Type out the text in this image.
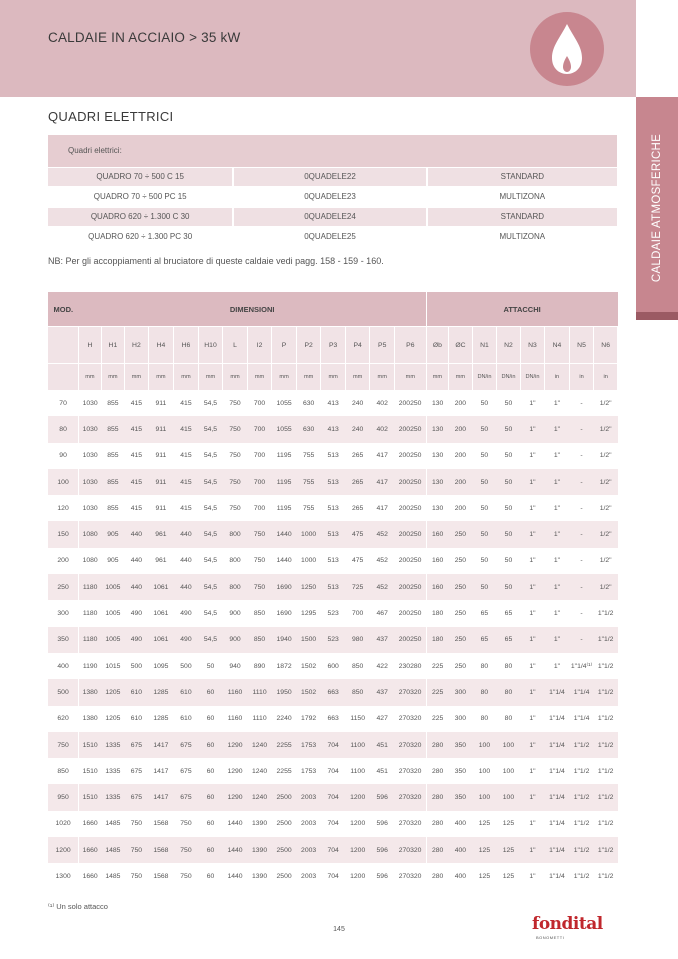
CALDAIE IN ACCIAIO > 35 kW
CALDAIE ATMOSFERICHE
QUADRI ELETTRICI
Quadri elettrici:
QUADRO 70 ÷ 500 C 15	0QUADELE22	STANDARD
QUADRO 70 ÷ 500 PC 15	0QUADELE23	MULTIZONA
QUADRO 620 ÷ 1.300 C 30	0QUADELE24	STANDARD
QUADRO 620 ÷ 1.300 PC 30	0QUADELE25	MULTIZONA
NB: Per gli accoppiamenti al bruciatore di queste caldaie vedi pagg. 158 - 159 - 160.
MOD.	DIMENSIONI														ATTACCHI							
	H	H1	H2	H4	H6	H10	L	I2	P	P2	P3	P4	P5	P6	Øb	ØC	N1	N2	N3	N4	N5	N6
	mm	mm	mm	mm	mm	mm	mm	mm	mm	mm	mm	mm	mm	mm	mm	mm	DN/in	DN/in	DN/in	in	in	in
70	1030	855	415	911	415	54,5	750	700	1055	630	413	240	402	200250	130	200	50	50	1"	1"	-	1/2"
80	1030	855	415	911	415	54,5	750	700	1055	630	413	240	402	200250	130	200	50	50	1"	1"	-	1/2"
90	1030	855	415	911	415	54,5	750	700	1195	755	513	265	417	200250	130	200	50	50	1"	1"	-	1/2"
100	1030	855	415	911	415	54,5	750	700	1195	755	513	265	417	200250	130	200	50	50	1"	1"	-	1/2"
120	1030	855	415	911	415	54,5	750	700	1195	755	513	265	417	200250	130	200	50	50	1"	1"	-	1/2"
150	1080	905	440	961	440	54,5	800	750	1440	1000	513	475	452	200250	160	250	50	50	1"	1"	-	1/2"
200	1080	905	440	961	440	54,5	800	750	1440	1000	513	475	452	200250	160	250	50	50	1"	1"	-	1/2"
250	1180	1005	440	1061	440	54,5	800	750	1690	1250	513	725	452	200250	160	250	50	50	1"	1"	-	1/2"
300	1180	1005	490	1061	490	54,5	900	850	1690	1295	523	700	467	200250	180	250	65	65	1"	1"	-	1"1/2
350	1180	1005	490	1061	490	54,5	900	850	1940	1500	523	980	437	200250	180	250	65	65	1"	1"	-	1"1/2
400	1190	1015	500	1095	500	50	940	890	1872	1502	600	850	422	230280	225	250	80	80	1"	1"	1"1/4⁽¹⁾	1"1/2
500	1380	1205	610	1285	610	60	1160	1110	1950	1502	663	850	437	270320	225	300	80	80	1"	1"1/4	1"1/4	1"1/2
620	1380	1205	610	1285	610	60	1160	1110	2240	1792	663	1150	427	270320	225	300	80	80	1"	1"1/4	1"1/4	1"1/2
750	1510	1335	675	1417	675	60	1290	1240	2255	1753	704	1100	451	270320	280	350	100	100	1"	1"1/4	1"1/2	1"1/2
850	1510	1335	675	1417	675	60	1290	1240	2255	1753	704	1100	451	270320	280	350	100	100	1"	1"1/4	1"1/2	1"1/2
950	1510	1335	675	1417	675	60	1290	1240	2500	2003	704	1200	596	270320	280	350	100	100	1"	1"1/4	1"1/2	1"1/2
1020	1660	1485	750	1568	750	60	1440	1390	2500	2003	704	1200	596	270320	280	400	125	125	1"	1"1/4	1"1/2	1"1/2
1200	1660	1485	750	1568	750	60	1440	1390	2500	2003	704	1200	596	270320	280	400	125	125	1"	1"1/4	1"1/2	1"1/2
1300	1660	1485	750	1568	750	60	1440	1390	2500	2003	704	1200	596	270320	280	400	125	125	1"	1"1/4	1"1/2	1"1/2
⁽¹⁾ Un solo attacco
145	fondital
BONOMETTI
